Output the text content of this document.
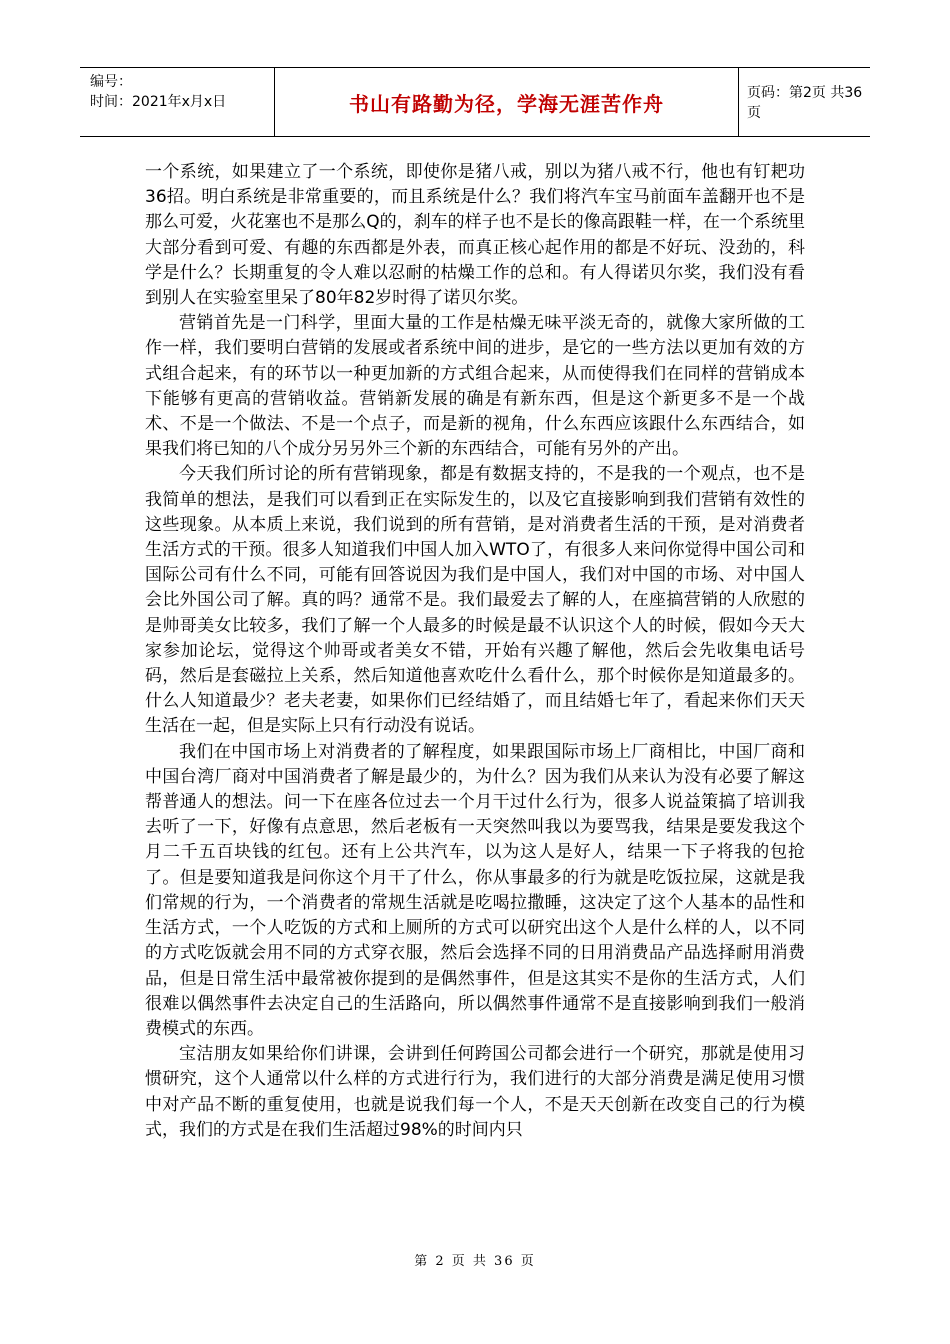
编号：
时间：2021年x月x日	书山有路勤为径，学海无涯苦作舟	页码：第2页 共36页

一个系统，如果建立了一个系统，即使你是猪八戒，别以为猪八戒不行，他也有钉耙功36招。明白系统是非常重要的，而且系统是什么？我们将汽车宝马前面车盖翻开也不是那么可爱，火花塞也不是那么Q的，刹车的样子也不是长的像高跟鞋一样，在一个系统里大部分看到可爱、有趣的东西都是外表，而真正核心起作用的都是不好玩、没劲的，科学是什么？长期重复的令人难以忍耐的枯燥工作的总和。有人得诺贝尔奖，我们没有看到别人在实验室里呆了80年82岁时得了诺贝尔奖。

营销首先是一门科学，里面大量的工作是枯燥无味平淡无奇的，就像大家所做的工作一样，我们要明白营销的发展或者系统中间的进步，是它的一些方法以更加有效的方式组合起来，有的环节以一种更加新的方式组合起来，从而使得我们在同样的营销成本下能够有更高的营销收益。营销新发展的确是有新东西，但是这个新更多不是一个战术、不是一个做法、不是一个点子，而是新的视角，什么东西应该跟什么东西结合，如果我们将已知的八个成分另另外三个新的东西结合，可能有另外的产出。

今天我们所讨论的所有营销现象，都是有数据支持的，不是我的一个观点，也不是我简单的想法，是我们可以看到正在实际发生的，以及它直接影响到我们营销有效性的这些现象。从本质上来说，我们说到的所有营销，是对消费者生活的干预，是对消费者生活方式的干预。很多人知道我们中国人加入WTO了，有很多人来问你觉得中国公司和国际公司有什么不同，可能有回答说因为我们是中国人，我们对中国的市场、对中国人会比外国公司了解。真的吗？通常不是。我们最爱去了解的人，在座搞营销的人欣慰的是帅哥美女比较多，我们了解一个人最多的时候是最不认识这个人的时候，假如今天大家参加论坛，觉得这个帅哥或者美女不错，开始有兴趣了解他，然后会先收集电话号码，然后是套磁拉上关系，然后知道他喜欢吃什么看什么，那个时候你是知道最多的。什么人知道最少？老夫老妻，如果你们已经结婚了，而且结婚七年了，看起来你们天天生活在一起，但是实际上只有行动没有说话。

我们在中国市场上对消费者的了解程度，如果跟国际市场上厂商相比，中国厂商和中国台湾厂商对中国消费者了解是最少的，为什么？因为我们从来认为没有必要了解这帮普通人的想法。问一下在座各位过去一个月干过什么行为，很多人说益策搞了培训我去听了一下，好像有点意思，然后老板有一天突然叫我以为要骂我，结果是要发我这个月二千五百块钱的红包。还有上公共汽车，以为这人是好人，结果一下子将我的包抢了。但是要知道我是问你这个月干了什么，你从事最多的行为就是吃饭拉屎，这就是我们常规的行为，一个消费者的常规生活就是吃喝拉撒睡，这决定了这个人基本的品性和生活方式，一个人吃饭的方式和上厕所的方式可以研究出这个人是什么样的人，以不同的方式吃饭就会用不同的方式穿衣服，然后会选择不同的日用消费品产品选择耐用消费品，但是日常生活中最常被你提到的是偶然事件，但是这其实不是你的生活方式，人们很难以偶然事件去决定自己的生活路向，所以偶然事件通常不是直接影响到我们一般消费模式的东西。

宝洁朋友如果给你们讲课，会讲到任何跨国公司都会进行一个研究，那就是使用习惯研究，这个人通常以什么样的方式进行行为，我们进行的大部分消费是满足使用习惯中对产品不断的重复使用，也就是说我们每一个人，不是天天创新在改变自己的行为模式，我们的方式是在我们生活超过98%的时间内只

第 2 页 共 36 页
